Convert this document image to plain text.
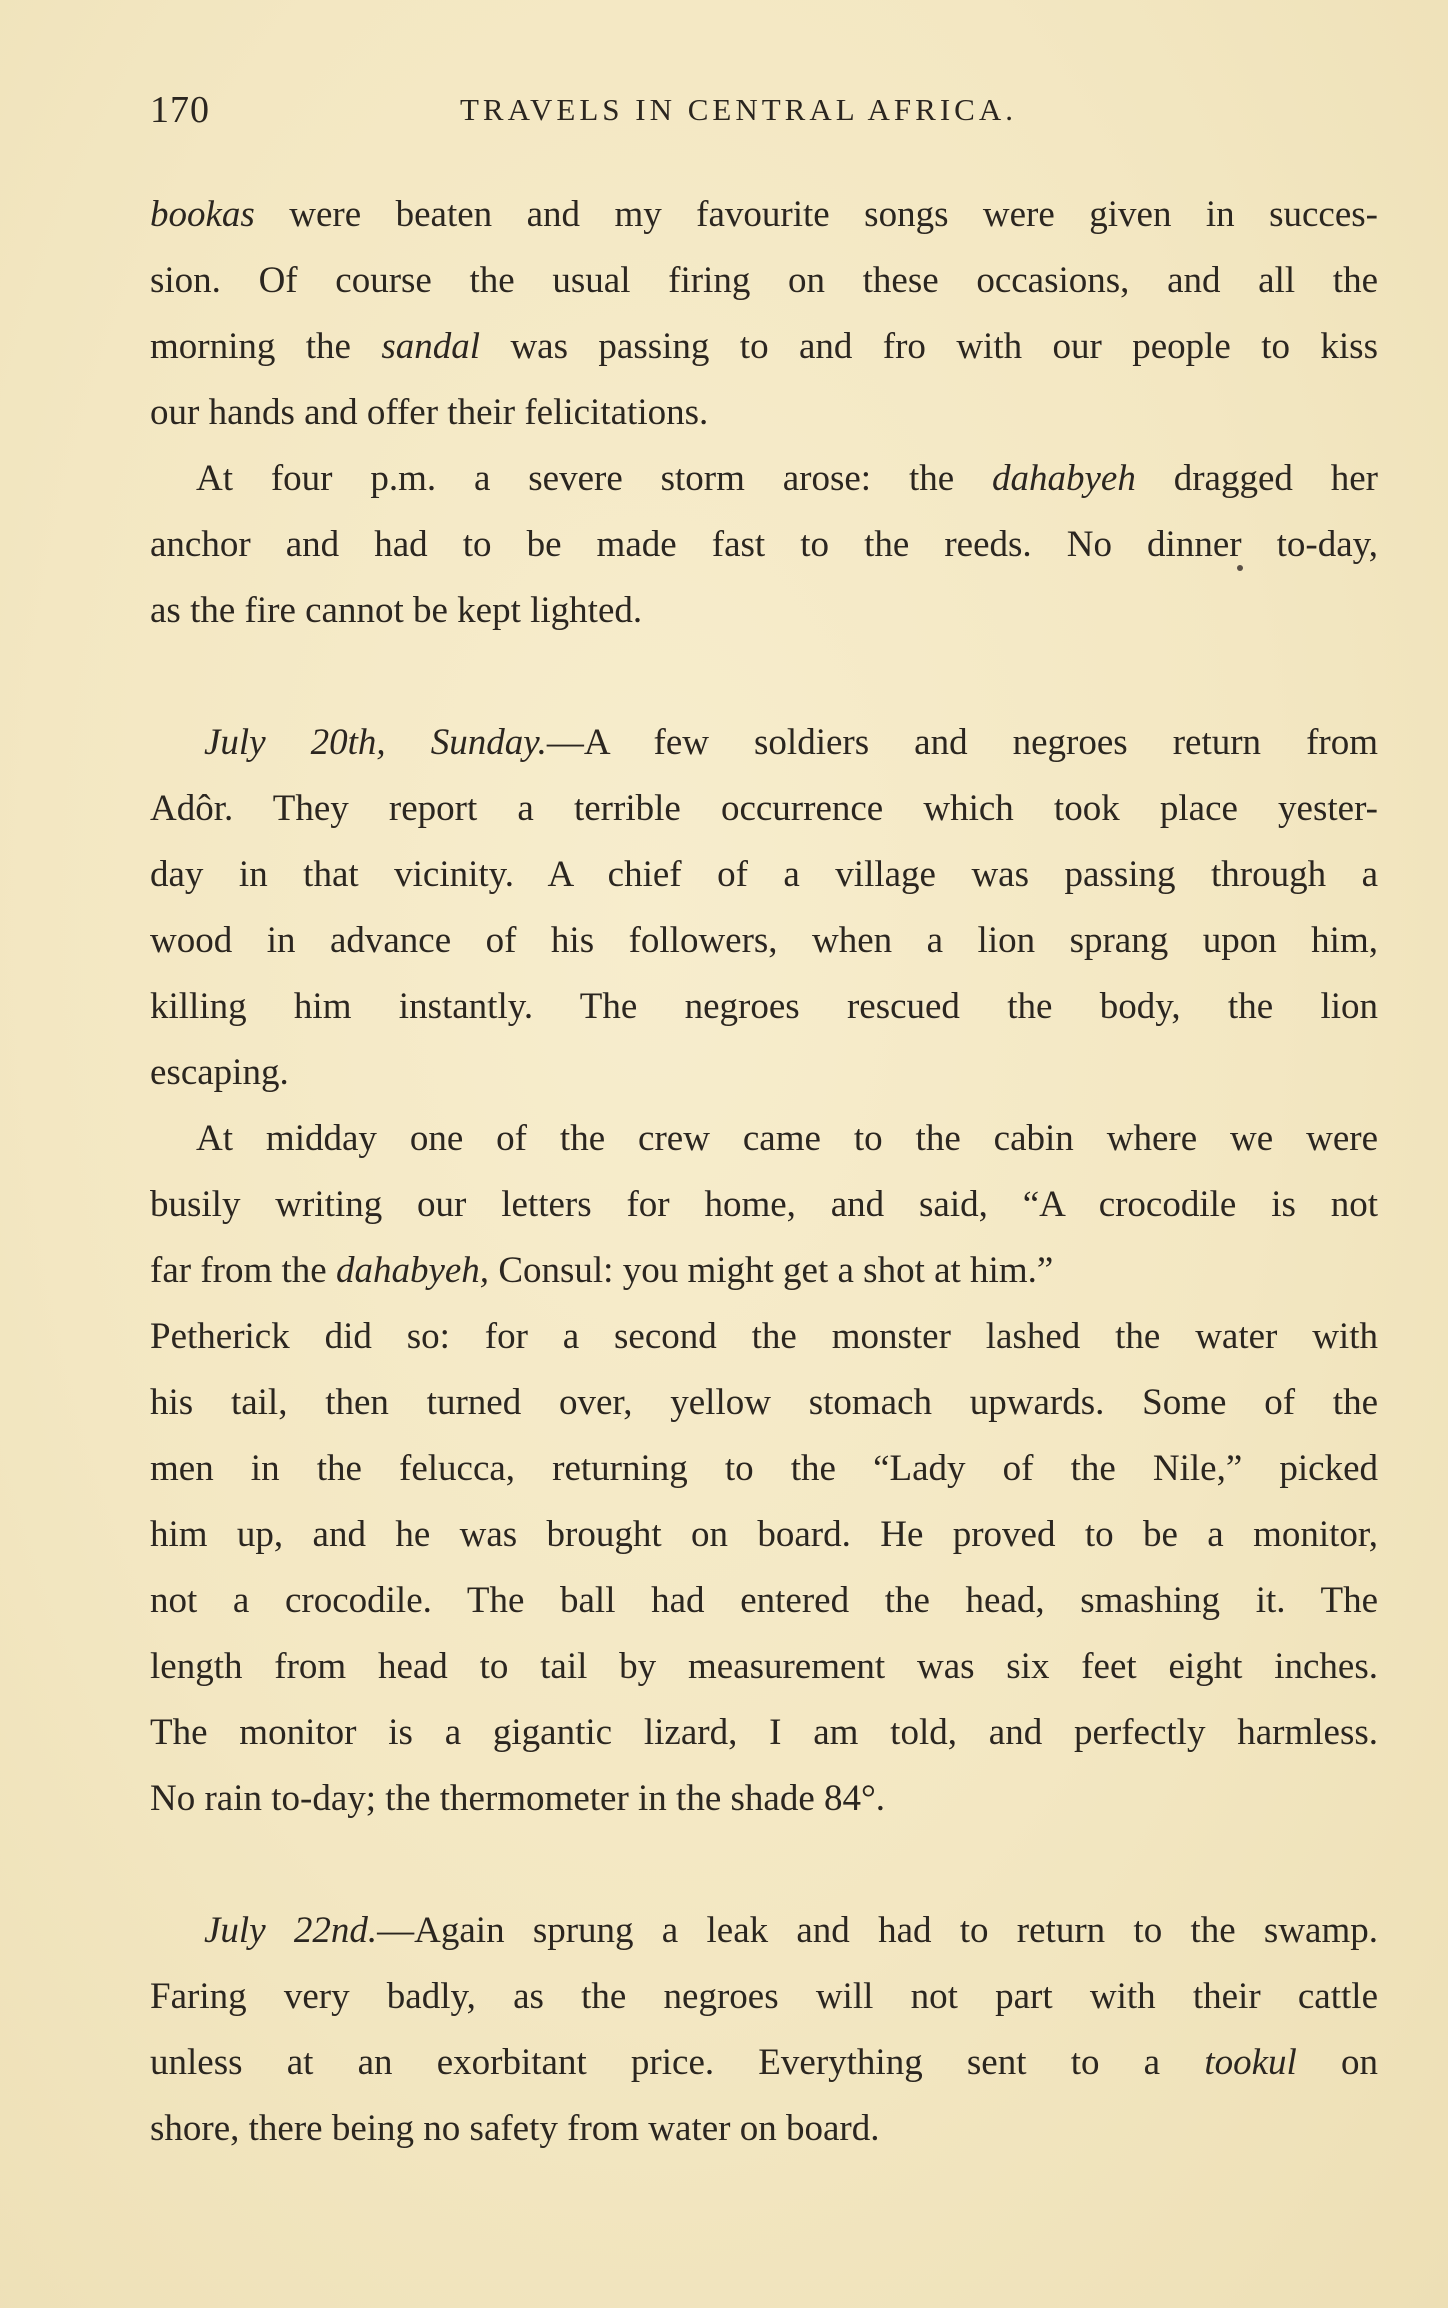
170	TRAVELS IN CENTRAL AFRICA.
bookas were beaten and my favourite songs were given in succes-
sion. Of course the usual firing on these occasions, and all the
morning the sandal was passing to and fro with our people to kiss
our hands and offer their felicitations.
At four p.m. a severe storm arose: the dahabyeh dragged her
anchor and had to be made fast to the reeds. No dinner to-day,
as the fire cannot be kept lighted.
July 20th, Sunday.—A few soldiers and negroes return from
Adôr. They report a terrible occurrence which took place yester-
day in that vicinity. A chief of a village was passing through a
wood in advance of his followers, when a lion sprang upon him,
killing him instantly. The negroes rescued the body, the lion
escaping.
At midday one of the crew came to the cabin where we were
busily writing our letters for home, and said, “A crocodile is not
far from the dahabyeh, Consul: you might get a shot at him.”
Petherick did so: for a second the monster lashed the water with
his tail, then turned over, yellow stomach upwards. Some of the
men in the felucca, returning to the “Lady of the Nile,” picked
him up, and he was brought on board. He proved to be a monitor,
not a crocodile. The ball had entered the head, smashing it. The
length from head to tail by measurement was six feet eight inches.
The monitor is a gigantic lizard, I am told, and perfectly harmless.
No rain to-day; the thermometer in the shade 84°.
July 22nd.—Again sprung a leak and had to return to the swamp.
Faring very badly, as the negroes will not part with their cattle
unless at an exorbitant price. Everything sent to a tookul on
shore, there being no safety from water on board.
